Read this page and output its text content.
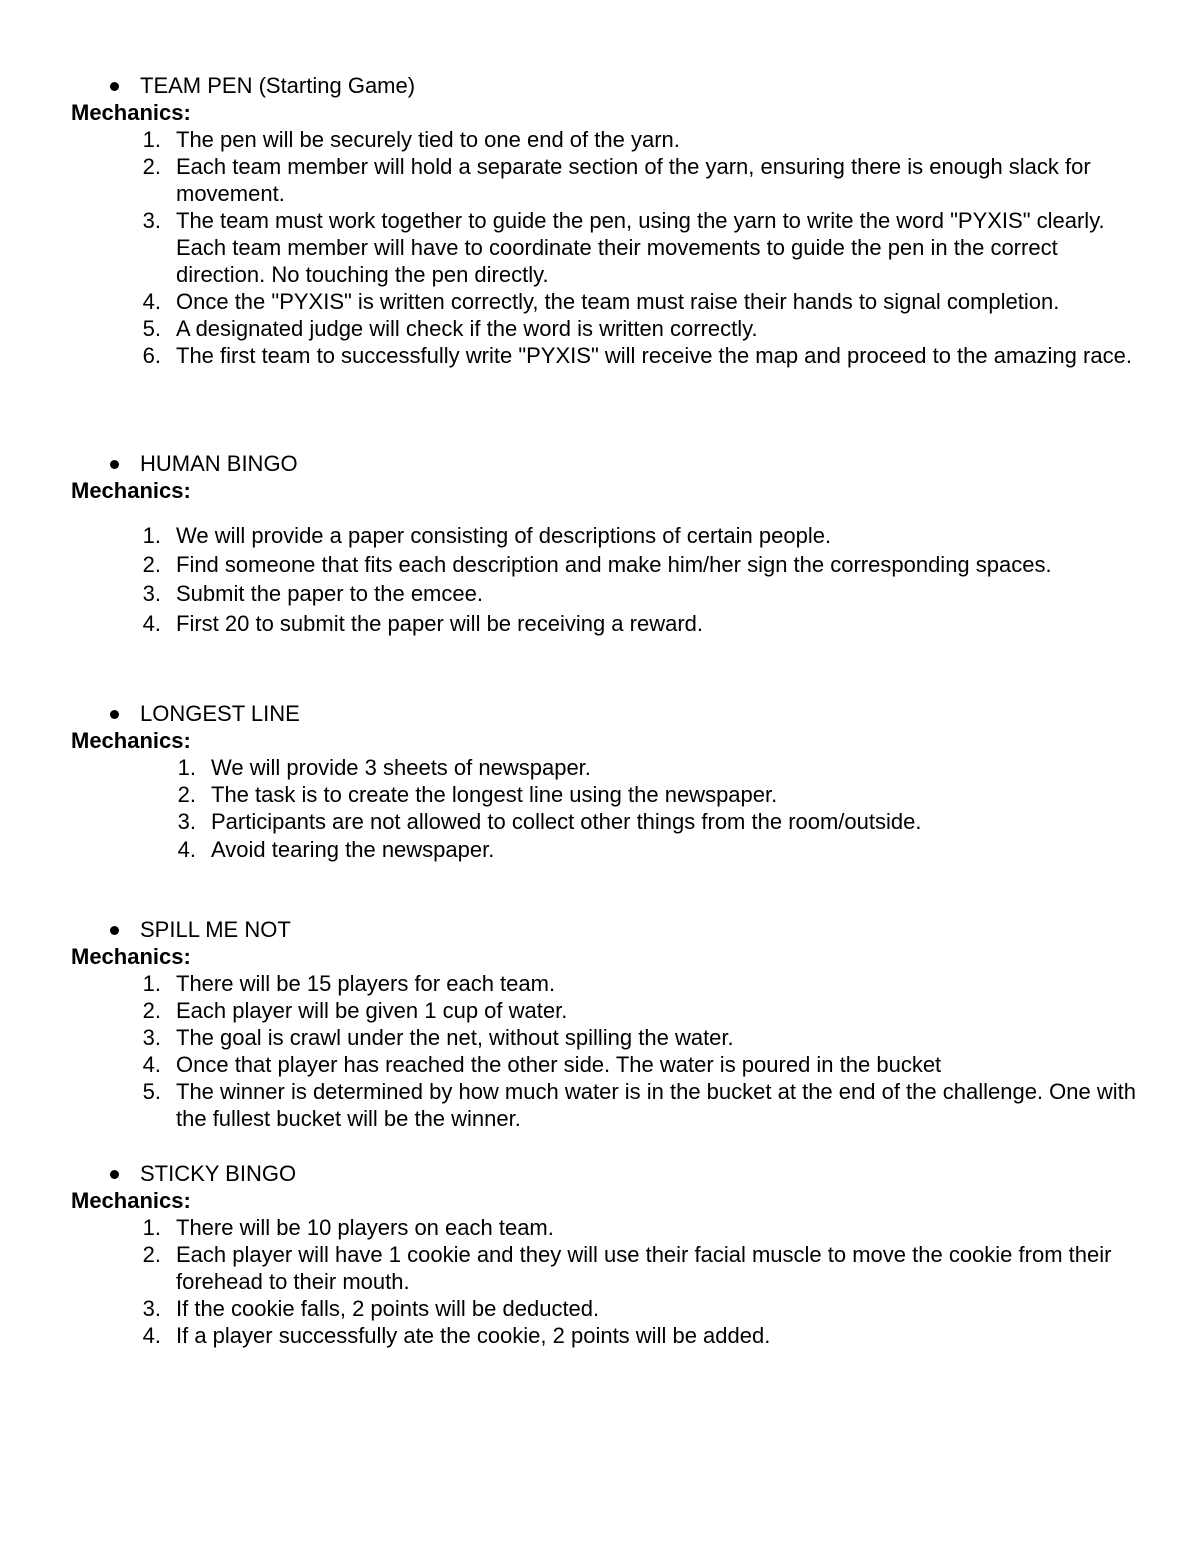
TEAM PEN (Starting Game)
Mechanics:
1. The pen will be securely tied to one end of the yarn.
2. Each team member will hold a separate section of the yarn, ensuring there is enough slack for movement.
3. The team must work together to guide the pen, using the yarn to write the word "PYXIS" clearly. Each team member will have to coordinate their movements to guide the pen in the correct direction. No touching the pen directly.
4. Once the "PYXIS" is written correctly, the team must raise their hands to signal completion.
5. A designated judge will check if the word is written correctly.
6. The first team to successfully write "PYXIS" will receive the map and proceed to the amazing race.
HUMAN BINGO
Mechanics:
1. We will provide a paper consisting of descriptions of certain people.
2. Find someone that fits each description and make him/her sign the corresponding spaces.
3. Submit the paper to the emcee.
4. First 20 to submit the paper will be receiving a reward.
LONGEST LINE
Mechanics:
1. We will provide 3 sheets of newspaper.
2. The task is to create the longest line using the newspaper.
3. Participants are not allowed to collect other things from the room/outside.
4. Avoid tearing the newspaper.
SPILL ME NOT
Mechanics:
1. There will be 15 players for each team.
2. Each player will be given 1 cup of water.
3. The goal is crawl under the net, without spilling the water.
4. Once that player has reached the other side. The water is poured in the bucket
5. The winner is determined by how much water is in the bucket at the end of the challenge. One with the fullest bucket will be the winner.
STICKY BINGO
Mechanics:
1. There will be 10 players on each team.
2. Each player will have 1 cookie and they will use their facial muscle to move the cookie from their forehead to their mouth.
3. If the cookie falls, 2 points will be deducted.
4. If a player successfully ate the cookie, 2 points will be added.
